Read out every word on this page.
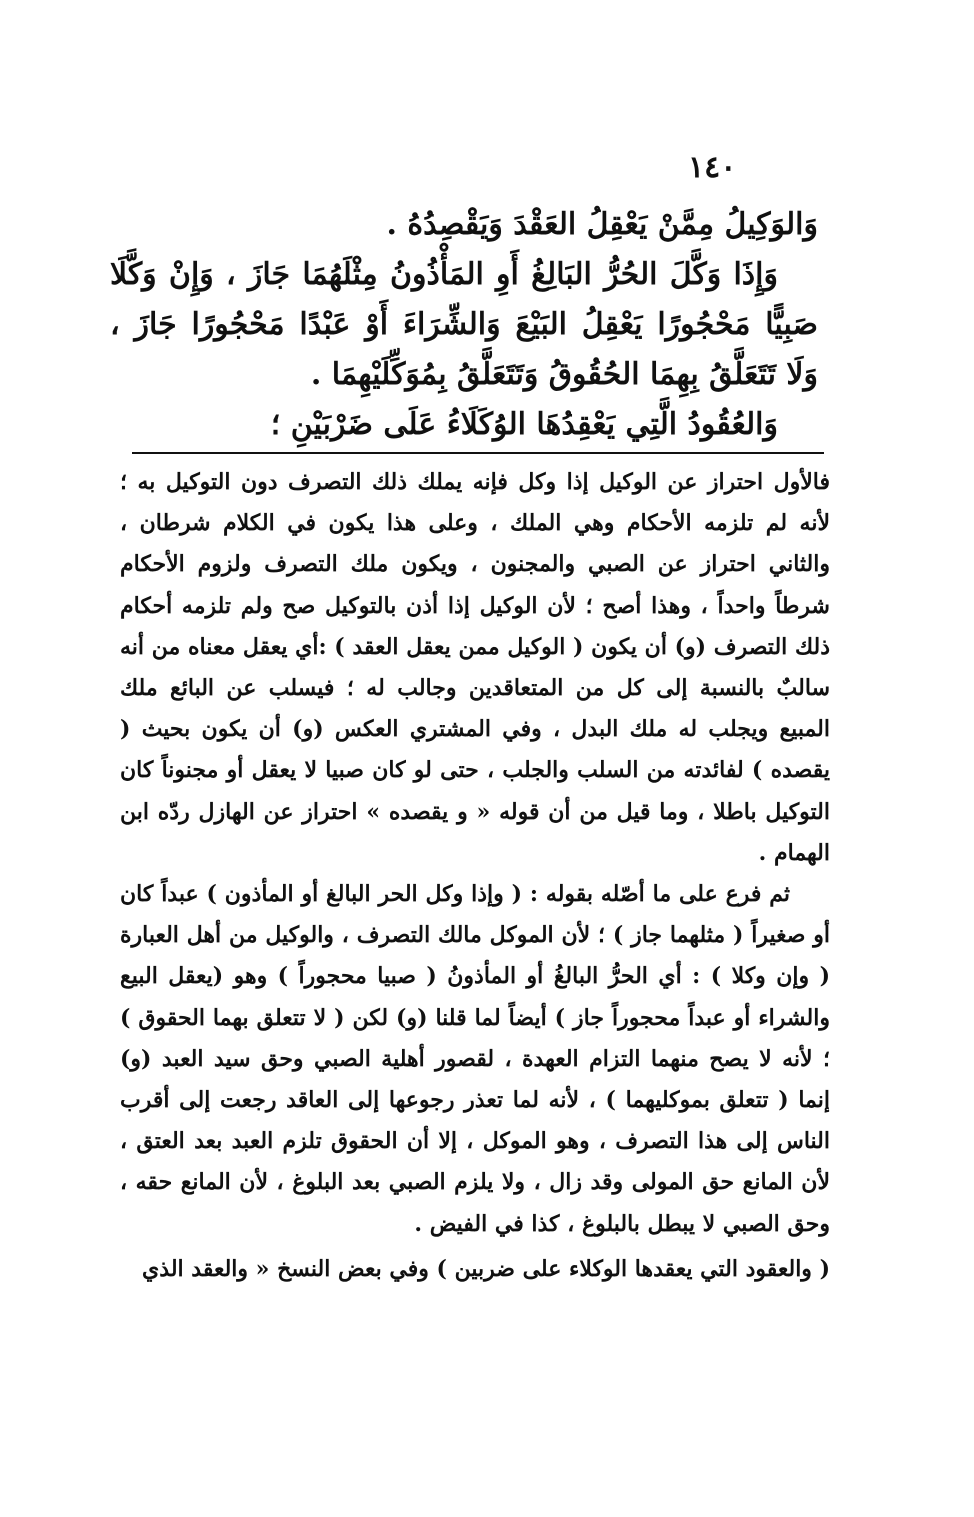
١٤٠

وَالوَكِيلُ مِمَّنْ يَعْقِلُ العَقْدَ وَيَقْصِدُهُ .

وَإِذَا وَكَّلَ الحُرُّ البَالِغُ أَوِ المَأْذُونُ مِثْلَهُمَا جَازَ ، وَإِنْ وَكَّلَا صَبِيًّا مَحْجُورًا يَعْقِلُ البَيْعَ وَالشِّرَاءَ أَوْ عَبْدًا مَحْجُورًا جَازَ ، وَلَا تَتَعَلَّقُ بِهِمَا الحُقُوقُ وَتَتَعَلَّقُ بِمُوَكِّلَيْهِمَا .

وَالعُقُودُ الَّتِي يَعْقِدُهَا الوُكَلَاءُ عَلَى ضَرْبَيْنِ ؛

فالأول احتراز عن الوكيل إذا وكل فإنه يملك ذلك التصرف دون التوكيل به ؛ لأنه لم تلزمه الأحكام وهي الملك ، وعلى هذا يكون في الكلام شرطان ، والثاني احتراز عن الصبي والمجنون ، ويكون ملك التصرف ولزوم الأحكام شرطاً واحداً ، وهذا أصح ؛ لأن الوكيل إذا أذن بالتوكيل صح ولم تلزمه أحكام ذلك التصرف (و) أن يكون ( الوكيل ممن يعقل العقد ) :أي يعقل معناه من أنه سالبٌ بالنسبة إلى كل من المتعاقدين وجالب له ؛ فيسلب عن البائع ملك المبيع ويجلب له ملك البدل ، وفي المشتري العكس (و) أن يكون بحيث ( يقصده ) لفائدته من السلب والجلب ، حتى لو كان صبيا لا يعقل أو مجنوناً كان التوكيل باطلا ، وما قيل من أن قوله « و يقصده » احتراز عن الهازل ردّه ابن الهمام .

ثم فرع على ما أصّله بقوله : ( وإذا وكل الحر البالغ أو المأذون ) عبداً كان أو صغيراً ( مثلهما جاز ) ؛ لأن الموكل مالك التصرف ، والوكيل من أهل العبارة ( وإن وكلا ) : أي الحرُّ البالغُ أو المأذونُ ( صبيا محجوراً ) وهو (يعقل البيع والشراء أو عبداً محجوراً جاز ) أيضاً لما قلنا (و) لكن ( لا تتعلق بهما الحقوق ) ؛ لأنه لا يصح منهما التزام العهدة ، لقصور أهلية الصبي وحق سيد العبد (و) إنما ( تتعلق بموكليهما ) ، لأنه لما تعذر رجوعها إلى العاقد رجعت إلى أقرب الناس إلى هذا التصرف ، وهو الموكل ، إلا أن الحقوق تلزم العبد بعد العتق ، لأن المانع حق المولى وقد زال ، ولا يلزم الصبي بعد البلوغ ، لأن المانع حقه ، وحق الصبي لا يبطل بالبلوغ ، كذا في الفيض .

( والعقود التي يعقدها الوكلاء على ضربين ) وفي بعض النسخ « والعقد الذي
